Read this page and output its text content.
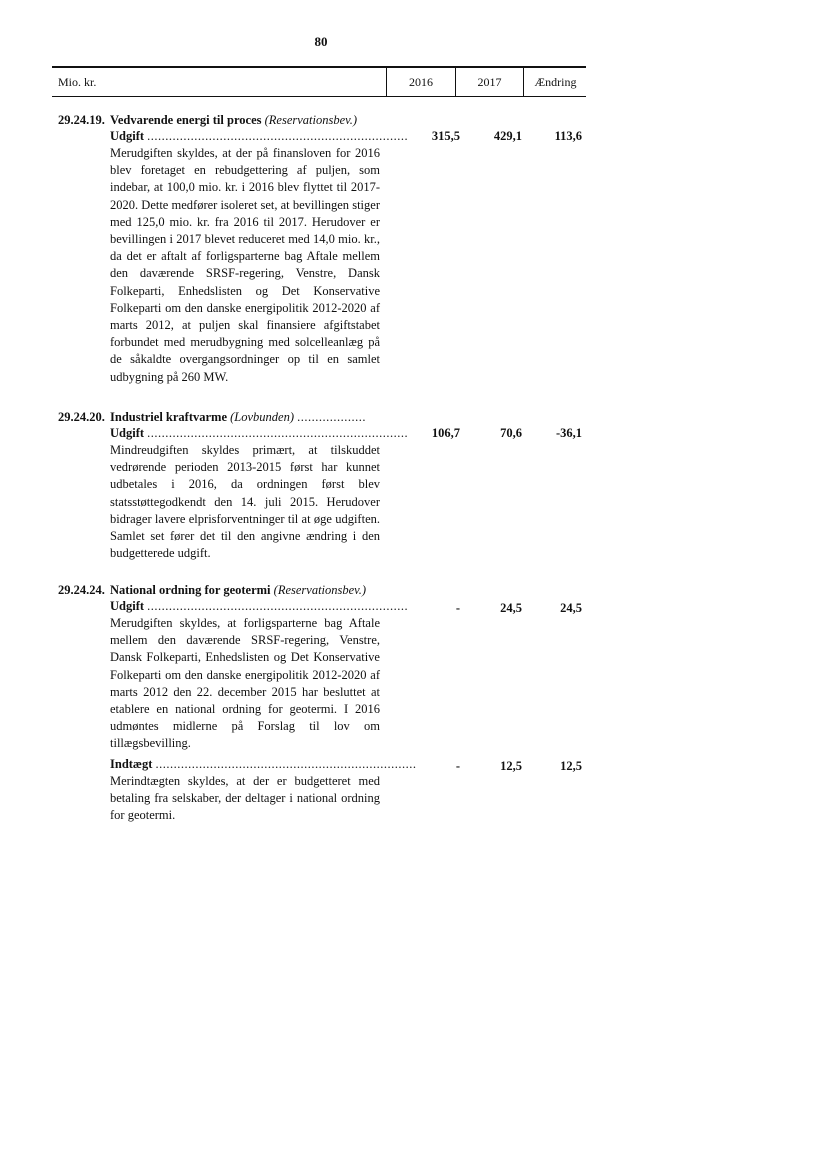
80
Mio. kr.	2016	2017	Ændring
29.24.19. Vedvarende energi til proces (Reservationsbev.)
Udgift ........................................................................	315,5	429,1	113,6
Merudgiften skyldes, at der på finansloven for 2016 blev foretaget en rebudgettering af puljen, som indebar, at 100,0 mio. kr. i 2016 blev flyttet til 2017-2020. Dette medfører isoleret set, at bevillingen stiger med 125,0 mio. kr. fra 2016 til 2017. Herudover er bevillingen i 2017 blevet reduceret med 14,0 mio. kr., da det er aftalt af forligsparterne bag Aftale mellem den daværende SRSF-regering, Venstre, Dansk Folkeparti, Enhedslisten og Det Konservative Folkeparti om den danske energipolitik 2012-2020 af marts 2012, at puljen skal finansiere afgiftstabet forbundet med merudbygning med solcelleanlæg på de såkaldte overgangsordninger op til en samlet udbygning på 260 MW.
29.24.20. Industriel kraftvarme (Lovbunden) ...................
Udgift ........................................................................	106,7	70,6	-36,1
Mindreudgiften skyldes primært, at tilskuddet vedrørende perioden 2013-2015 først har kunnet udbetales i 2016, da ordningen først blev statsstøttegodkendt den 14. juli 2015. Herudover bidrager lavere elprisforventninger til at øge udgiften. Samlet set fører det til den angivne ændring i den budgetterede udgift.
29.24.24. National ordning for geotermi (Reservationsbev.)
Udgift ........................................................................	-	24,5	24,5
Merudgiften skyldes, at forligsparterne bag Aftale mellem den daværende SRSF-regering, Venstre, Dansk Folkeparti, Enhedslisten og Det Konservative Folkeparti om den danske energipolitik 2012-2020 af marts 2012 den 22. december 2015 har besluttet at etablere en national ordning for geotermi. I 2016 udmøntes midlerne på Forslag til lov om tillægsbevilling.
Indtægt ........................................................................	-	12,5	12,5
Merindtægten skyldes, at der er budgetteret med betaling fra selskaber, der deltager i national ordning for geotermi.
